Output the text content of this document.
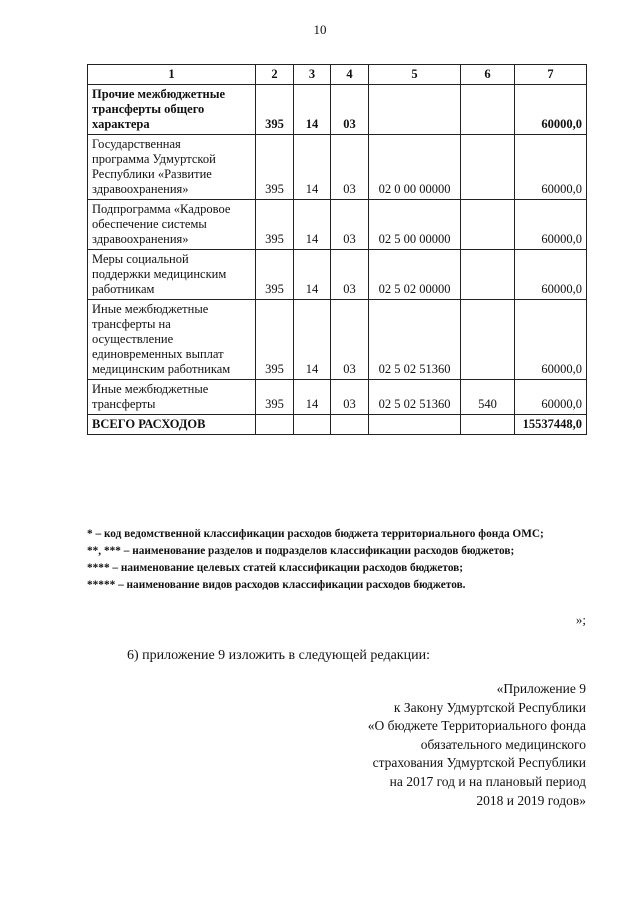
10
1	2	3	4	5	6	7

Прочие межбюджетные
трансферты общего
характера	395	14	03			60000,0

Государственная
программа Удмуртской
Республики «Развитие
здравоохранения»	395	14	03	02 0 00 00000		60000,0

Подпрограмма «Кадровое
обеспечение системы
здравоохранения»	395	14	03	02 5 00 00000		60000,0

Меры социальной
поддержки медицинским
работникам	395	14	03	02 5 02 00000		60000,0

Иные межбюджетные
трансферты на
осуществление
единовременных выплат
медицинским работникам	395	14	03	02 5 02 51360		60000,0

Иные межбюджетные
трансферты	395	14	03	02 5 02 51360	540	60000,0
ВСЕГО РАСХОДОВ						15537448,0

* – код ведомственной классификации расходов бюджета территориального фонда ОМС;

**, *** – наименование разделов и подразделов классификации расходов бюджетов;

**** – наименование целевых статей классификации расходов бюджетов;

***** – наименование видов расходов классификации расходов бюджетов.

»;
6) приложение 9 изложить в следующей редакции:
«Приложение 9
к Закону Удмуртской Республики
«О бюджете Территориального фонда
обязательного медицинского
страхования Удмуртской Республики
на 2017 год и на плановый период
2018 и 2019 годов»
